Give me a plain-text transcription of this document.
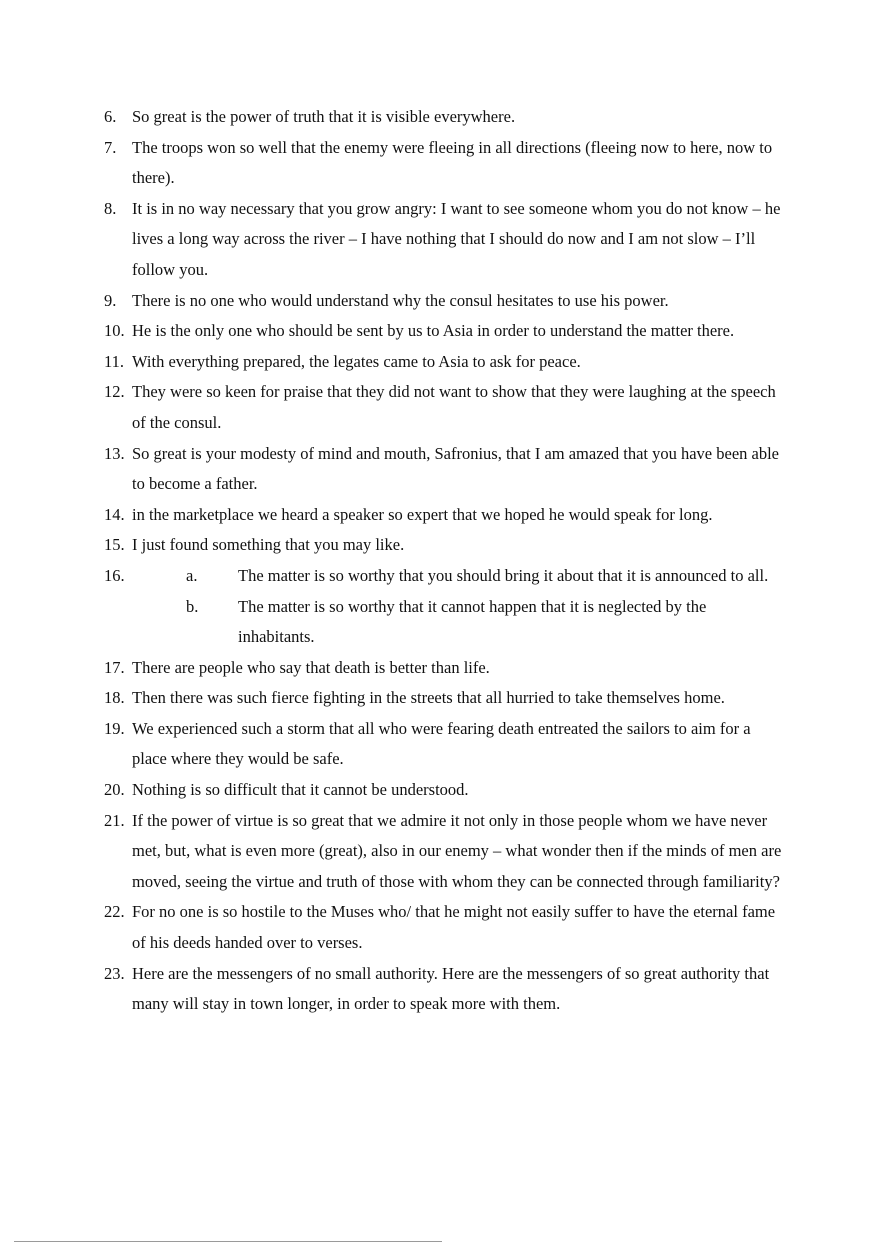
6. So great is the power of truth that it is visible everywhere.
7. The troops won so well that the enemy were fleeing in all directions (fleeing now to here, now to there).
8. It is in no way necessary that you grow angry: I want to see someone whom you do not know – he lives a long way across the river – I have nothing that I should do now and I am not slow – I’ll follow you.
9. There is no one who would understand why the consul hesitates to use his power.
10. He is the only one who should be sent by us to Asia in order to understand the matter there.
11. With everything prepared, the legates came to Asia to ask for peace.
12. They were so keen for praise that they did not want to show that they were laughing at the speech of the consul.
13. So great is your modesty of mind and mouth, Safronius, that I am amazed that you have been able to become a father.
14. in the marketplace we heard a speaker so expert that we hoped he would speak for long.
15. I just found something that you may like.
16.	a. The matter is so worthy that you should bring it about that it is announced to all.
b. The matter is so worthy that it cannot happen that it is neglected by the inhabitants.
17. There are people who say that death is better than life.
18. Then there was such fierce fighting in the streets that all hurried to take themselves home.
19. We experienced such a storm that all who were fearing death entreated the sailors to aim for a place where they would be safe.
20. Nothing is so difficult that it cannot be understood.
21. If the power of virtue is so great that we admire it not only in those people whom we have never met, but, what is even more (great), also in our enemy – what wonder then if the minds of men are moved, seeing the virtue and truth of those with whom they can be connected through familiarity?
22. For no one is so hostile to the Muses who/ that he might not easily suffer to have the eternal fame of his deeds handed over to verses.
23. Here are the messengers of no small authority. Here are the messengers of so great authority that many will stay in town longer, in order to speak more with them.
